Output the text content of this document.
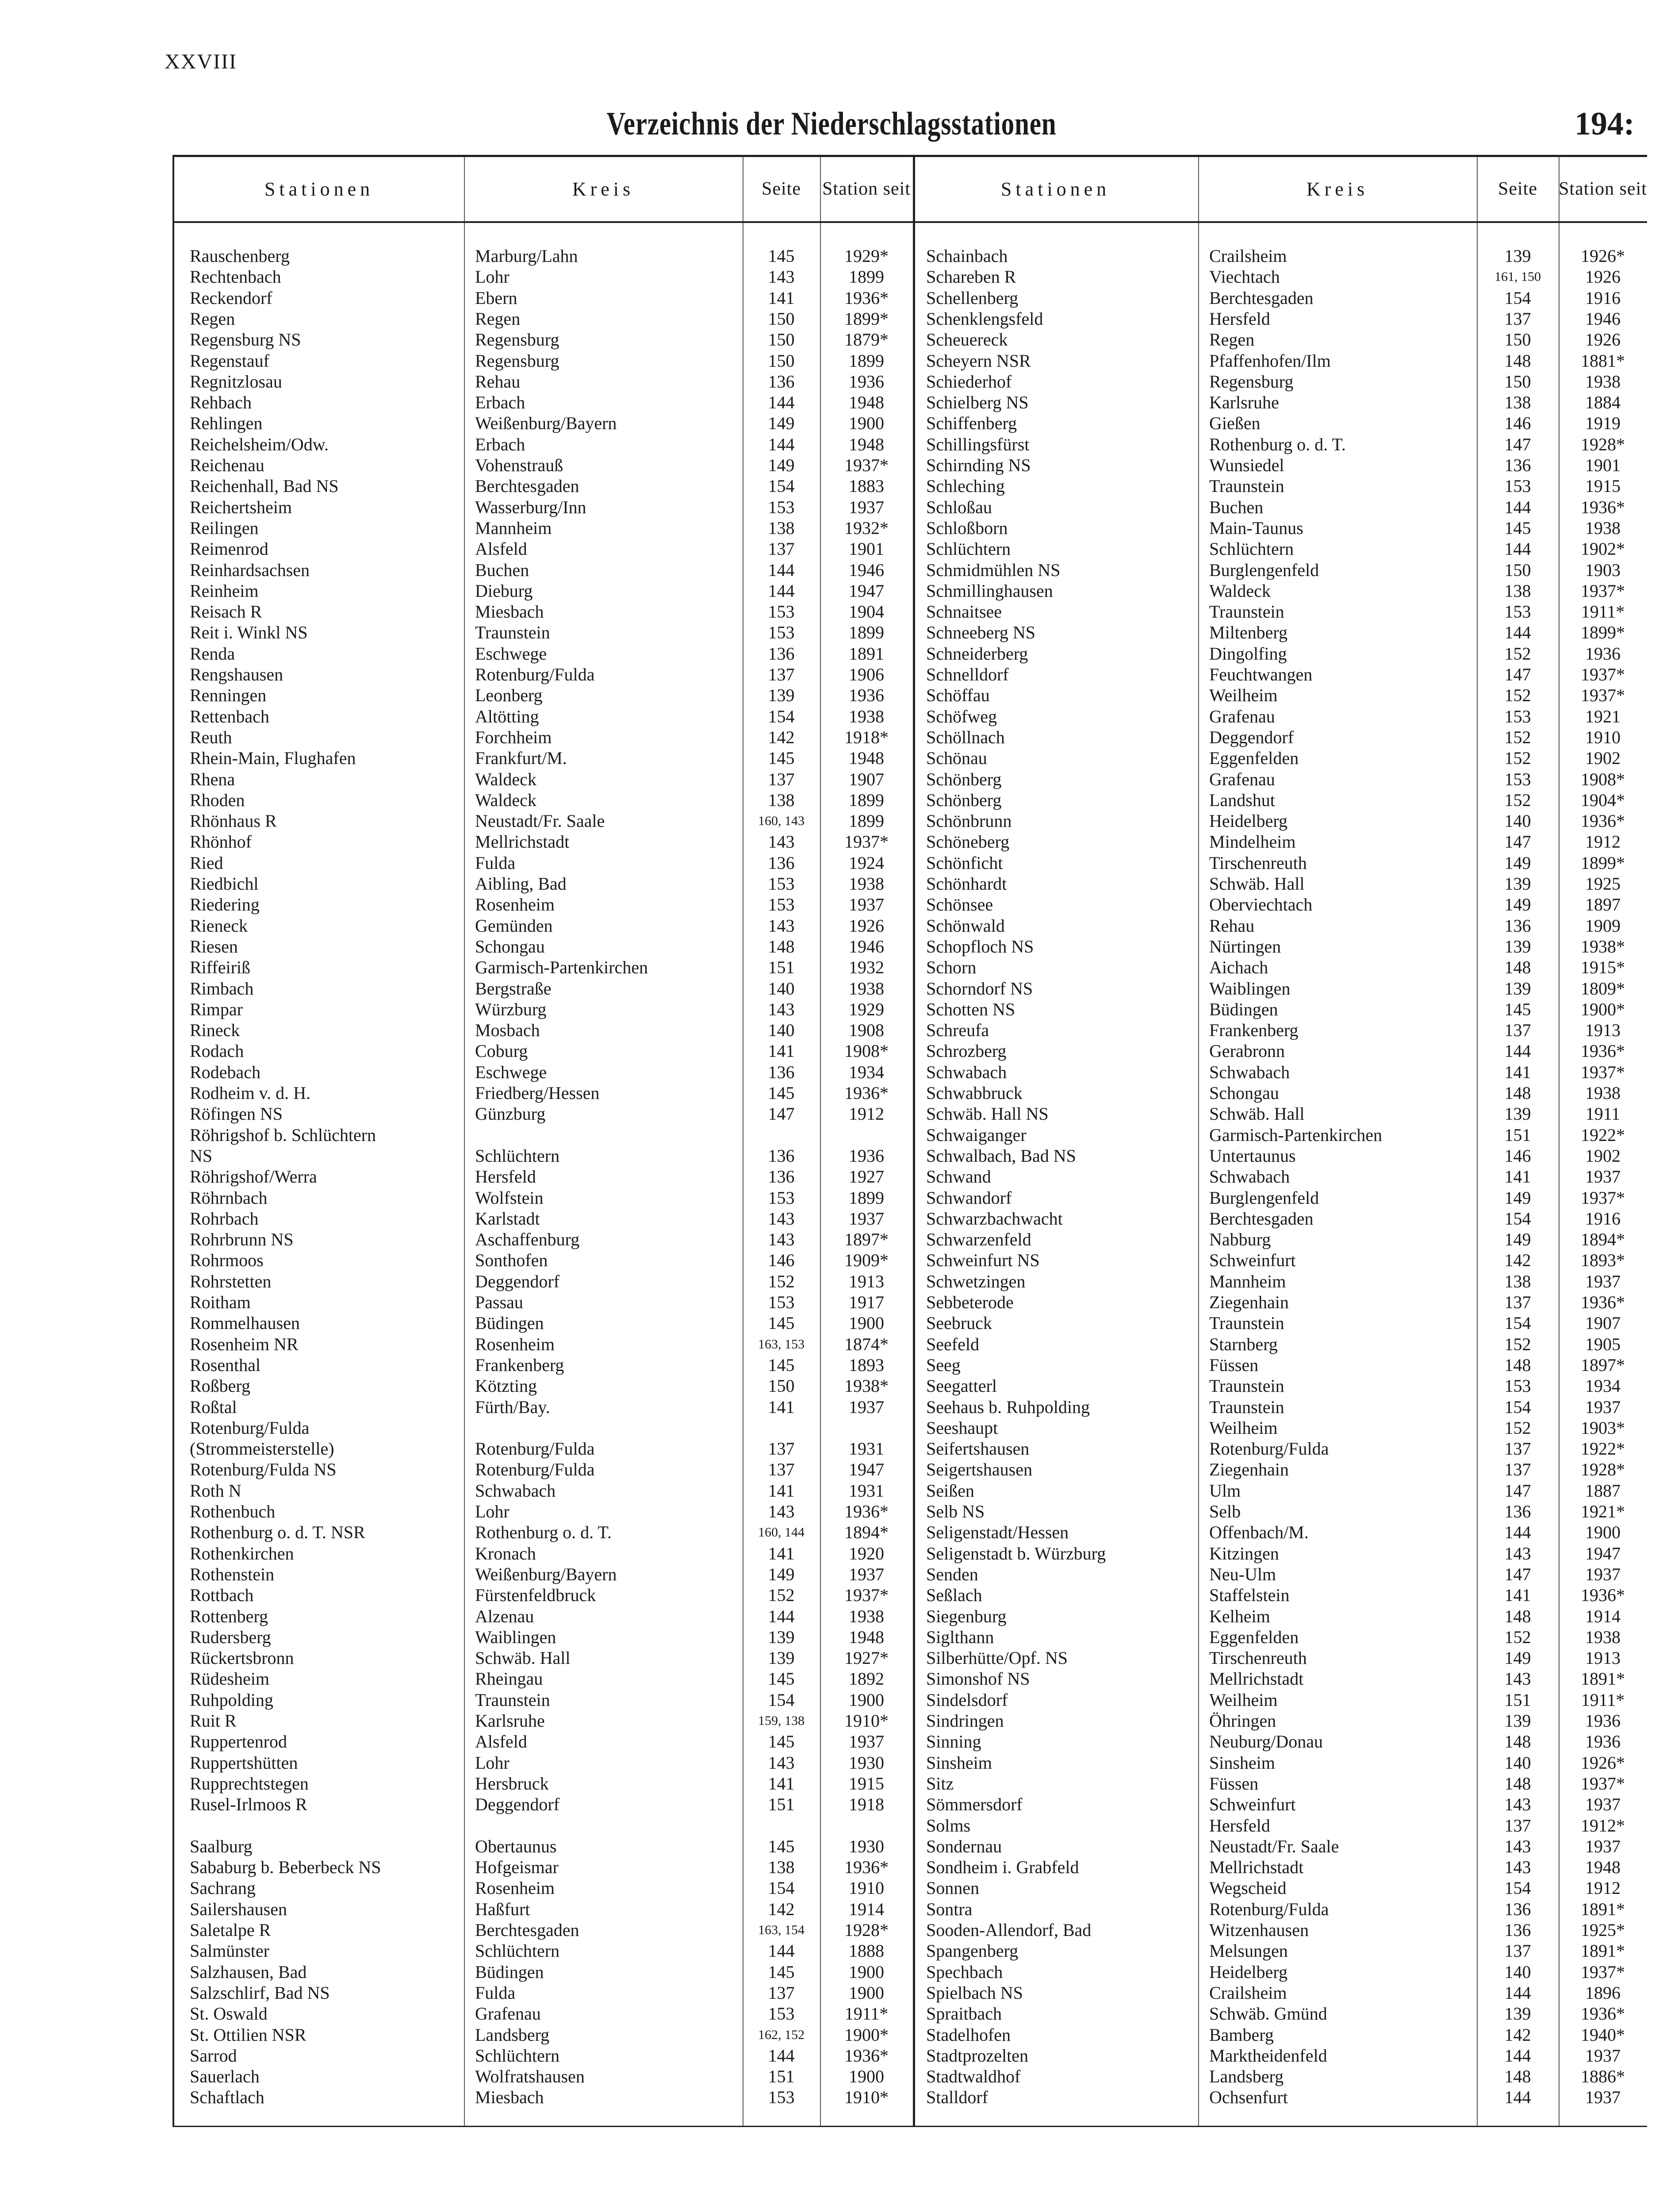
XXVIII
Verzeichnis der Niederschlagsstationen	194:
Stationen	Kreis	Seite	Station seit	Stationen	Kreis	Seite	Station seit
Rauschenberg	Marburg/Lahn	145	1929*
Rechtenbach	Lohr	143	1899
Reckendorf	Ebern	141	1936*
Regen	Regen	150	1899*
Regensburg NS	Regensburg	150	1879*
Regenstauf	Regensburg	150	1899
Regnitzlosau	Rehau	136	1936
Rehbach	Erbach	144	1948
Rehlingen	Weißenburg/Bayern	149	1900
Reichelsheim/Odw.	Erbach	144	1948
Reichenau	Vohenstrauß	149	1937*
Reichenhall, Bad NS	Berchtesgaden	154	1883
Reichertsheim	Wasserburg/Inn	153	1937
Reilingen	Mannheim	138	1932*
Reimenrod	Alsfeld	137	1901
Reinhardsachsen	Buchen	144	1946
Reinheim	Dieburg	144	1947
Reisach R	Miesbach	153	1904
Reit i. Winkl NS	Traunstein	153	1899
Renda	Eschwege	136	1891
Rengshausen	Rotenburg/Fulda	137	1906
Renningen	Leonberg	139	1936
Rettenbach	Altötting	154	1938
Reuth	Forchheim	142	1918*
Rhein-Main, Flughafen	Frankfurt/M.	145	1948
Rhena	Waldeck	137	1907
Rhoden	Waldeck	138	1899
Rhönhaus R	Neustadt/Fr. Saale	160, 143	1899
Rhönhof	Mellrichstadt	143	1937*
Ried	Fulda	136	1924
Riedbichl	Aibling, Bad	153	1938
Riedering	Rosenheim	153	1937
Rieneck	Gemünden	143	1926
Riesen	Schongau	148	1946
Riffeiriß	Garmisch-Partenkirchen	151	1932
Rimbach	Bergstraße	140	1938
Rimpar	Würzburg	143	1929
Rineck	Mosbach	140	1908
Rodach	Coburg	141	1908*
Rodebach	Eschwege	136	1934
Rodheim v. d. H.	Friedberg/Hessen	145	1936*
Röfingen NS	Günzburg	147	1912
Röhrigshof b. Schlüchtern
NS	Schlüchtern	136	1936
Röhrigshof/Werra	Hersfeld	136	1927
Röhrnbach	Wolfstein	153	1899
Rohrbach	Karlstadt	143	1937
Rohrbrunn NS	Aschaffenburg	143	1897*
Rohrmoos	Sonthofen	146	1909*
Rohrstetten	Deggendorf	152	1913
Roitham	Passau	153	1917
Rommelhausen	Büdingen	145	1900
Rosenheim NR	Rosenheim	163, 153	1874*
Rosenthal	Frankenberg	145	1893
Roßberg	Kötzting	150	1938*
Roßtal	Fürth/Bay.	141	1937
Rotenburg/Fulda
(Strommeisterstelle)	Rotenburg/Fulda	137	1931
Rotenburg/Fulda NS	Rotenburg/Fulda	137	1947
Roth N	Schwabach	141	1931
Rothenbuch	Lohr	143	1936*
Rothenburg o. d. T. NSR	Rothenburg o. d. T.	160, 144	1894*
Rothenkirchen	Kronach	141	1920
Rothenstein	Weißenburg/Bayern	149	1937
Rottbach	Fürstenfeldbruck	152	1937*
Rottenberg	Alzenau	144	1938
Rudersberg	Waiblingen	139	1948
Rückertsbronn	Schwäb. Hall	139	1927*
Rüdesheim	Rheingau	145	1892
Ruhpolding	Traunstein	154	1900
Ruit R	Karlsruhe	159, 138	1910*
Ruppertenrod	Alsfeld	145	1937
Ruppertshütten	Lohr	143	1930
Rupprechtstegen	Hersbruck	141	1915
Rusel-Irlmoos R	Deggendorf	151	1918
Saalburg	Obertaunus	145	1930
Sababurg b. Beberbeck NS	Hofgeismar	138	1936*
Sachrang	Rosenheim	154	1910
Sailershausen	Haßfurt	142	1914
Saletalpe R	Berchtesgaden	163, 154	1928*
Salmünster	Schlüchtern	144	1888
Salzhausen, Bad	Büdingen	145	1900
Salzschlirf, Bad NS	Fulda	137	1900
St. Oswald	Grafenau	153	1911*
St. Ottilien NSR	Landsberg	162, 152	1900*
Sarrod	Schlüchtern	144	1936*
Sauerlach	Wolfratshausen	151	1900
Schaftlach	Miesbach	153	1910*
Schainbach	Crailsheim	139	1926*
Schareben R	Viechtach	161, 150	1926
Schellenberg	Berchtesgaden	154	1916
Schenklengsfeld	Hersfeld	137	1946
Scheuereck	Regen	150	1926
Scheyern NSR	Pfaffenhofen/Ilm	148	1881*
Schiederhof	Regensburg	150	1938
Schielberg NS	Karlsruhe	138	1884
Schiffenberg	Gießen	146	1919
Schillingsfürst	Rothenburg o. d. T.	147	1928*
Schirnding NS	Wunsiedel	136	1901
Schleching	Traunstein	153	1915
Schloßau	Buchen	144	1936*
Schloßborn	Main-Taunus	145	1938
Schlüchtern	Schlüchtern	144	1902*
Schmidmühlen NS	Burglengenfeld	150	1903
Schmillinghausen	Waldeck	138	1937*
Schnaitsee	Traunstein	153	1911*
Schneeberg NS	Miltenberg	144	1899*
Schneiderberg	Dingolfing	152	1936
Schnelldorf	Feuchtwangen	147	1937*
Schöffau	Weilheim	152	1937*
Schöfweg	Grafenau	153	1921
Schöllnach	Deggendorf	152	1910
Schönau	Eggenfelden	152	1902
Schönberg	Grafenau	153	1908*
Schönberg	Landshut	152	1904*
Schönbrunn	Heidelberg	140	1936*
Schöneberg	Mindelheim	147	1912
Schönficht	Tirschenreuth	149	1899*
Schönhardt	Schwäb. Hall	139	1925
Schönsee	Oberviechtach	149	1897
Schönwald	Rehau	136	1909
Schopfloch NS	Nürtingen	139	1938*
Schorn	Aichach	148	1915*
Schorndorf NS	Waiblingen	139	1809*
Schotten NS	Büdingen	145	1900*
Schreufa	Frankenberg	137	1913
Schrozberg	Gerabronn	144	1936*
Schwabach	Schwabach	141	1937*
Schwabbruck	Schongau	148	1938
Schwäb. Hall NS	Schwäb. Hall	139	1911
Schwaiganger	Garmisch-Partenkirchen	151	1922*
Schwalbach, Bad NS	Untertaunus	146	1902
Schwand	Schwabach	141	1937
Schwandorf	Burglengenfeld	149	1937*
Schwarzbachwacht	Berchtesgaden	154	1916
Schwarzenfeld	Nabburg	149	1894*
Schweinfurt NS	Schweinfurt	142	1893*
Schwetzingen	Mannheim	138	1937
Sebbeterode	Ziegenhain	137	1936*
Seebruck	Traunstein	154	1907
Seefeld	Starnberg	152	1905
Seeg	Füssen	148	1897*
Seegatterl	Traunstein	153	1934
Seehaus b. Ruhpolding	Traunstein	154	1937
Seeshaupt	Weilheim	152	1903*
Seifertshausen	Rotenburg/Fulda	137	1922*
Seigertshausen	Ziegenhain	137	1928*
Seißen	Ulm	147	1887
Selb NS	Selb	136	1921*
Seligenstadt/Hessen	Offenbach/M.	144	1900
Seligenstadt b. Würzburg	Kitzingen	143	1947
Senden	Neu-Ulm	147	1937
Seßlach	Staffelstein	141	1936*
Siegenburg	Kelheim	148	1914
Siglthann	Eggenfelden	152	1938
Silberhütte/Opf. NS	Tirschenreuth	149	1913
Simonshof NS	Mellrichstadt	143	1891*
Sindelsdorf	Weilheim	151	1911*
Sindringen	Öhringen	139	1936
Sinning	Neuburg/Donau	148	1936
Sinsheim	Sinsheim	140	1926*
Sitz	Füssen	148	1937*
Sömmersdorf	Schweinfurt	143	1937
Solms	Hersfeld	137	1912*
Sondernau	Neustadt/Fr. Saale	143	1937
Sondheim i. Grabfeld	Mellrichstadt	143	1948
Sonnen	Wegscheid	154	1912
Sontra	Rotenburg/Fulda	136	1891*
Sooden-Allendorf, Bad	Witzenhausen	136	1925*
Spangenberg	Melsungen	137	1891*
Spechbach	Heidelberg	140	1937*
Spielbach NS	Crailsheim	144	1896
Spraitbach	Schwäb. Gmünd	139	1936*
Stadelhofen	Bamberg	142	1940*
Stadtprozelten	Marktheidenfeld	144	1937
Stadtwaldhof	Landsberg	148	1886*
Stalldorf	Ochsenfurt	144	1937
